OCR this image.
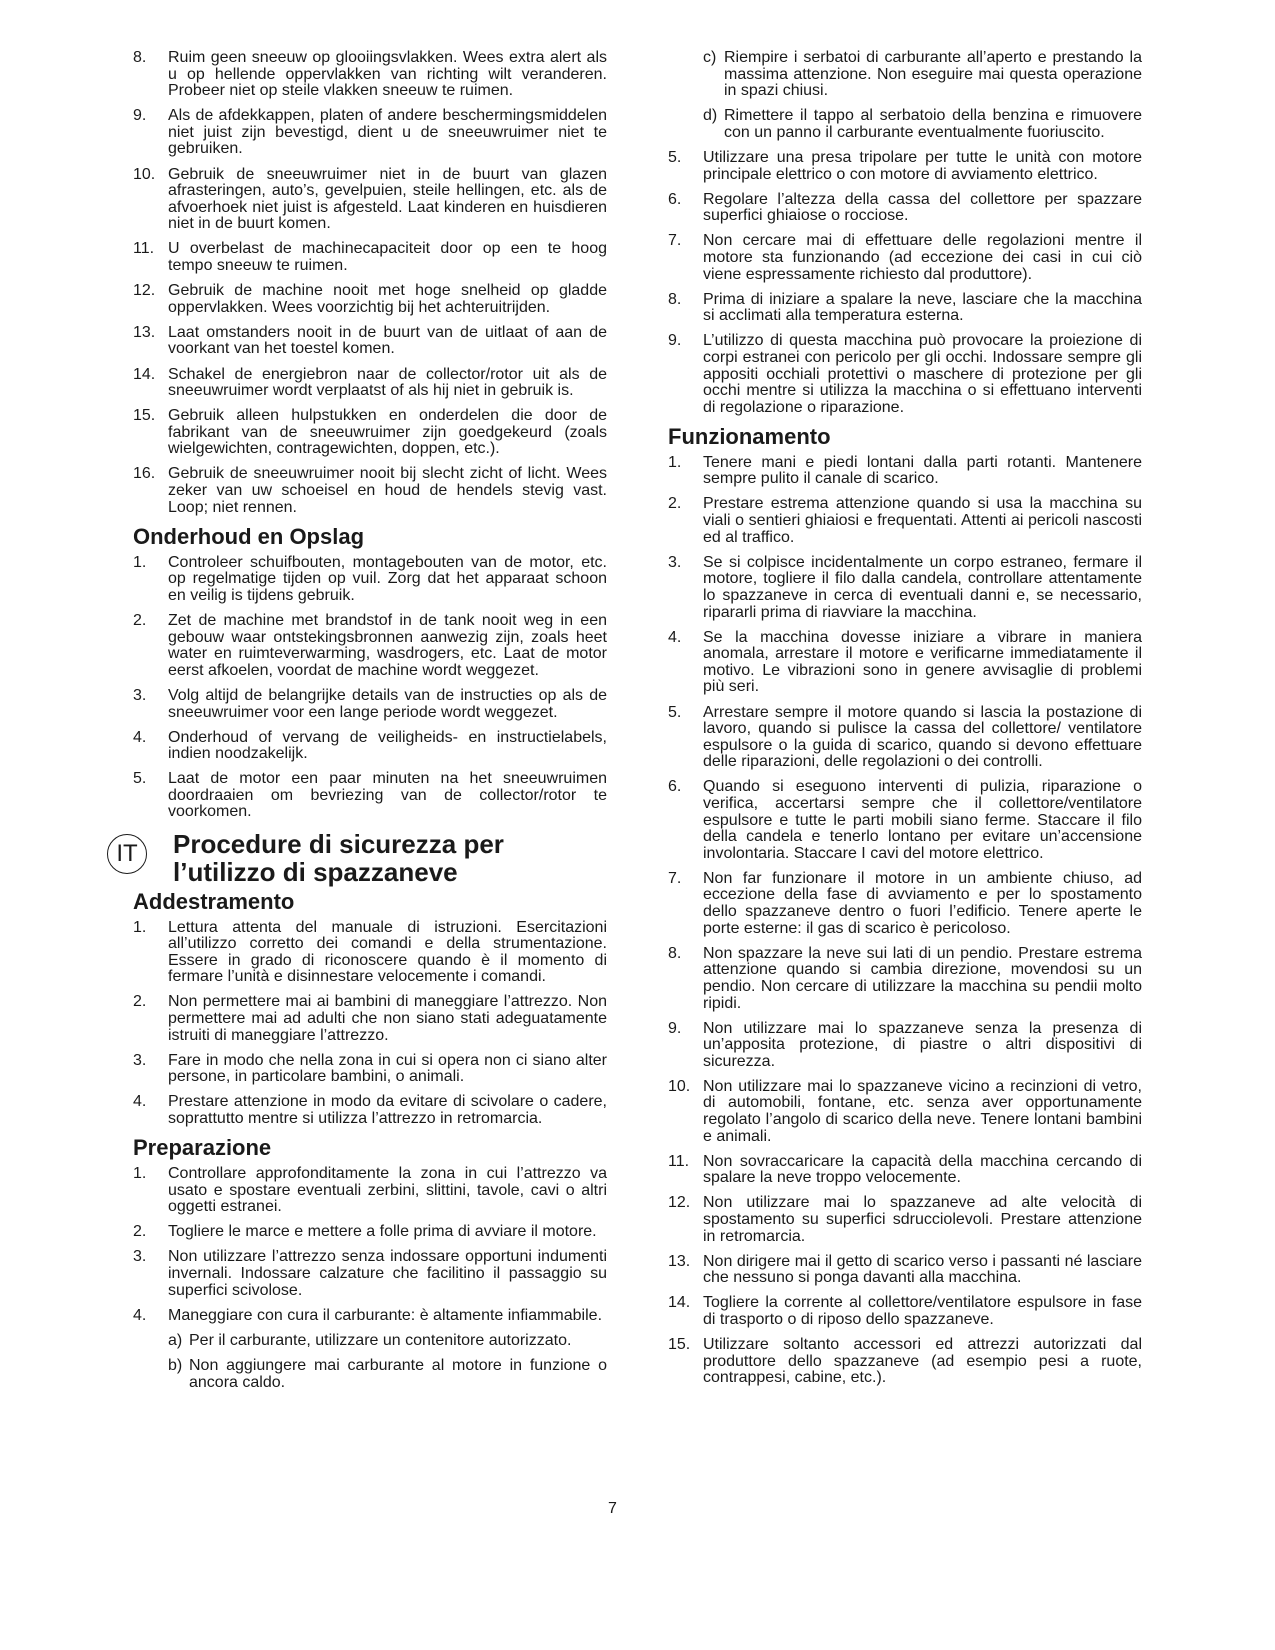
8.	Ruim geen sneeuw op glooiingsvlakken. Wees extra alert als u op hellende oppervlakken van richting wilt veranderen. Probeer niet op steile vlakken sneeuw te ruimen.
9.	Als de afdekkappen, platen of andere beschermingsmiddelen niet juist zijn bevestigd, dient u de sneeuwruimer niet te gebruiken.
10. Gebruik de sneeuwruimer niet in de buurt van glazen afrasteringen, auto’s, gevelpuien, steile hellingen, etc. als de afvoerhoek niet juist is afgesteld. Laat kinderen en huisdieren niet in de buurt komen.
11. U overbelast de machinecapaciteit door op een te hoog tempo sneeuw te ruimen.
12. Gebruik de machine nooit met hoge snelheid op gladde oppervlakken. Wees voorzichtig bij het achteruitrijden.
13. Laat omstanders nooit in de buurt van de uitlaat of aan de voorkant van het toestel komen.
14. Schakel de energiebron naar de collector/rotor uit als de sneeuwruimer wordt verplaatst of als hij niet in gebruik is.
15. Gebruik alleen hulpstukken en onderdelen die door de fabrikant van de sneeuwruimer zijn goedgekeurd (zoals wielgewichten, contragewichten, doppen, etc.).
16. Gebruik de sneeuwruimer nooit bij slecht zicht of licht. Wees zeker van uw schoeisel en houd de hendels stevig vast. Loop; niet rennen.
Onderhoud en Opslag
1.	Controleer schuifbouten, montagebouten van de motor, etc. op regelmatige tijden op vuil. Zorg dat het apparaat schoon en veilig is tijdens gebruik.
2.	Zet de machine met brandstof in de tank nooit weg in een gebouw waar ontstekingsbronnen aanwezig zijn, zoals heet water en ruimteverwarming, wasdrogers, etc. Laat de motor eerst afkoelen, voordat de machine wordt weggezet.
3.	Volg altijd de belangrijke details van de instructies op als de sneeuwruimer voor een lange periode wordt weggezet.
4.	Onderhoud of vervang de veiligheids- en instructielabels, indien noodzakelijk.
5.	Laat de motor een paar minuten na het sneeuwruimen doordraaien om bevriezing van de collector/rotor te voorkomen.
IT	Procedure di sicurezza per l’utilizzo di spazzaneve
Addestramento
1.	Lettura attenta del manuale di istruzioni. Esercitazioni all’utilizzo corretto dei comandi e della strumentazione. Essere in grado di riconoscere quando è il momento di fermare l’unità e disinnestare velocemente i comandi.
2.	Non permettere mai ai bambini di maneggiare l’attrezzo. Non permettere mai ad adulti che non siano stati adeguatamente istruiti di maneggiare l’attrezzo.
3.	Fare in modo che nella zona in cui si opera non ci siano alter persone, in particolare bambini, o animali.
4.	Prestare attenzione in modo da evitare di scivolare o cadere, soprattutto mentre si utilizza l’attrezzo in retromarcia.
Preparazione
1.	Controllare approfonditamente la zona in cui l’attrezzo va usato e spostare eventuali zerbini, slittini, tavole, cavi o altri oggetti estranei.
2.	Togliere le marce e mettere a folle prima di avviare il motore.
3.	Non utilizzare l’attrezzo senza indossare opportuni indumenti invernali. Indossare calzature che facilitino il passaggio su superfici scivolose.
4.	Maneggiare con cura il carburante: è altamente infiammabile.
a) Per il carburante, utilizzare un contenitore autorizzato.
b) Non aggiungere mai carburante al motore in funzione o ancora caldo.
c) Riempire i serbatoi di carburante all’aperto e prestando la massima attenzione. Non eseguire mai questa operazione in spazi chiusi.
d) Rimettere il tappo al serbatoio della benzina e rimuovere con un panno il carburante eventualmente fuoriuscito.
5.	Utilizzare una presa tripolare per tutte le unità con motore principale elettrico o con motore di avviamento elettrico.
6.	Regolare l’altezza della cassa del collettore per spazzare superfici ghiaiose o rocciose.
7.	Non cercare mai di effettuare delle regolazioni mentre il motore sta funzionando (ad eccezione dei casi in cui ciò viene espressamente richiesto dal produttore).
8.	Prima di iniziare a spalare la neve, lasciare che la macchina si acclimati alla temperatura esterna.
9.	L’utilizzo di questa macchina può provocare la proiezione di corpi estranei con pericolo per gli occhi. Indossare sempre gli appositi occhiali protettivi o maschere di protezione per gli occhi mentre si utilizza la macchina o si effettuano interventi di regolazione o riparazione.
Funzionamento
1.	Tenere mani e piedi lontani dalla parti rotanti. Mantenere sempre pulito il canale di scarico.
2.	Prestare estrema attenzione quando si usa la macchina su viali o sentieri ghiaiosi e frequentati. Attenti ai pericoli nascosti ed al traffico.
3.	Se si colpisce incidentalmente un corpo estraneo, fermare il motore, togliere il filo dalla candela, controllare attentamente lo spazzaneve in cerca di eventuali danni e, se necessario, ripararli prima di riavviare la macchina.
4.	Se la macchina dovesse iniziare a vibrare in maniera anomala, arrestare il motore e verificarne immediatamente il motivo. Le vibrazioni sono in genere avvisaglie di problemi più seri.
5.	Arrestare sempre il motore quando si lascia la postazione di lavoro, quando si pulisce la cassa del collettore/ ventilatore espulsore o la guida di scarico, quando si devono effettuare delle riparazioni, delle regolazioni o dei controlli.
6.	Quando si eseguono interventi di pulizia, riparazione o verifica, accertarsi sempre che il collettore/ventilatore espulsore e tutte le parti mobili siano ferme. Staccare il filo della candela e tenerlo lontano per evitare un’accensione involontaria. Staccare I cavi del motore elettrico.
7.	Non far funzionare il motore in un ambiente chiuso, ad eccezione della fase di avviamento e per lo spostamento dello spazzaneve dentro o fuori l’edificio. Tenere aperte le porte esterne: il gas di scarico è pericoloso.
8.	Non spazzare la neve sui lati di un pendio. Prestare estrema attenzione quando si cambia direzione, movendosi su un pendio. Non cercare di utilizzare la macchina su pendii molto ripidi.
9.	Non utilizzare mai lo spazzaneve senza la presenza di un’apposita protezione, di piastre o altri dispositivi di sicurezza.
10. Non utilizzare mai lo spazzaneve vicino a recinzioni di vetro, di automobili, fontane, etc. senza aver opportunamente regolato l’angolo di scarico della neve. Tenere lontani bambini e animali.
11. Non sovraccaricare la capacità della macchina cercando di spalare la neve troppo velocemente.
12. Non utilizzare mai lo spazzaneve ad alte velocità di spostamento su superfici sdrucciolevoli. Prestare attenzione in retromarcia.
13. Non dirigere mai il getto di scarico verso i passanti né lasciare che nessuno si ponga davanti alla macchina.
14. Togliere la corrente al collettore/ventilatore espulsore in fase di trasporto o di riposo dello spazzaneve.
15. Utilizzare soltanto accessori ed attrezzi autorizzati dal produttore dello spazzaneve (ad esempio pesi a ruote, contrappesi, cabine, etc.).
7
